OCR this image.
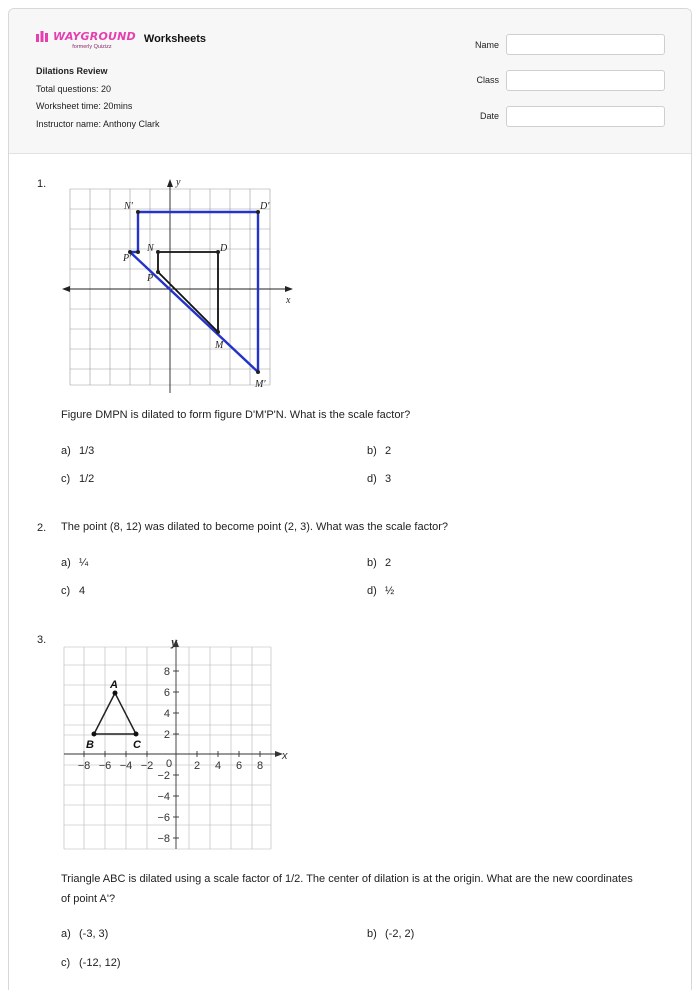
WAYGROUND
formerly Quizizz
Worksheets
Dilations Review
Total questions: 20
Worksheet time: 20mins
Instructor name: Anthony Clark
Name
Class
Date
1.
x
y
N'	D'
P'
N	D
P
M
M'
Figure DMPN is dilated to form figure D'M'P'N. What is the scale factor?
a) 1/3	b) 2
c) 1/2	d) 3
2. The point (8, 12) was dilated to become point (2, 3). What was the scale factor?
a) ¼	b) 2
c) 4	d) ½
3.
x
y
8
6
4
2
−2
−4
−6
−8
−8 −6 −4 −2 0 2 4 6 8
A
B	C
Triangle ABC is dilated using a scale factor of 1/2. The center of dilation is at the origin. What are the new coordinates of point A'?
a) (-3, 3)	b) (-2, 2)
c) (-12, 12)
